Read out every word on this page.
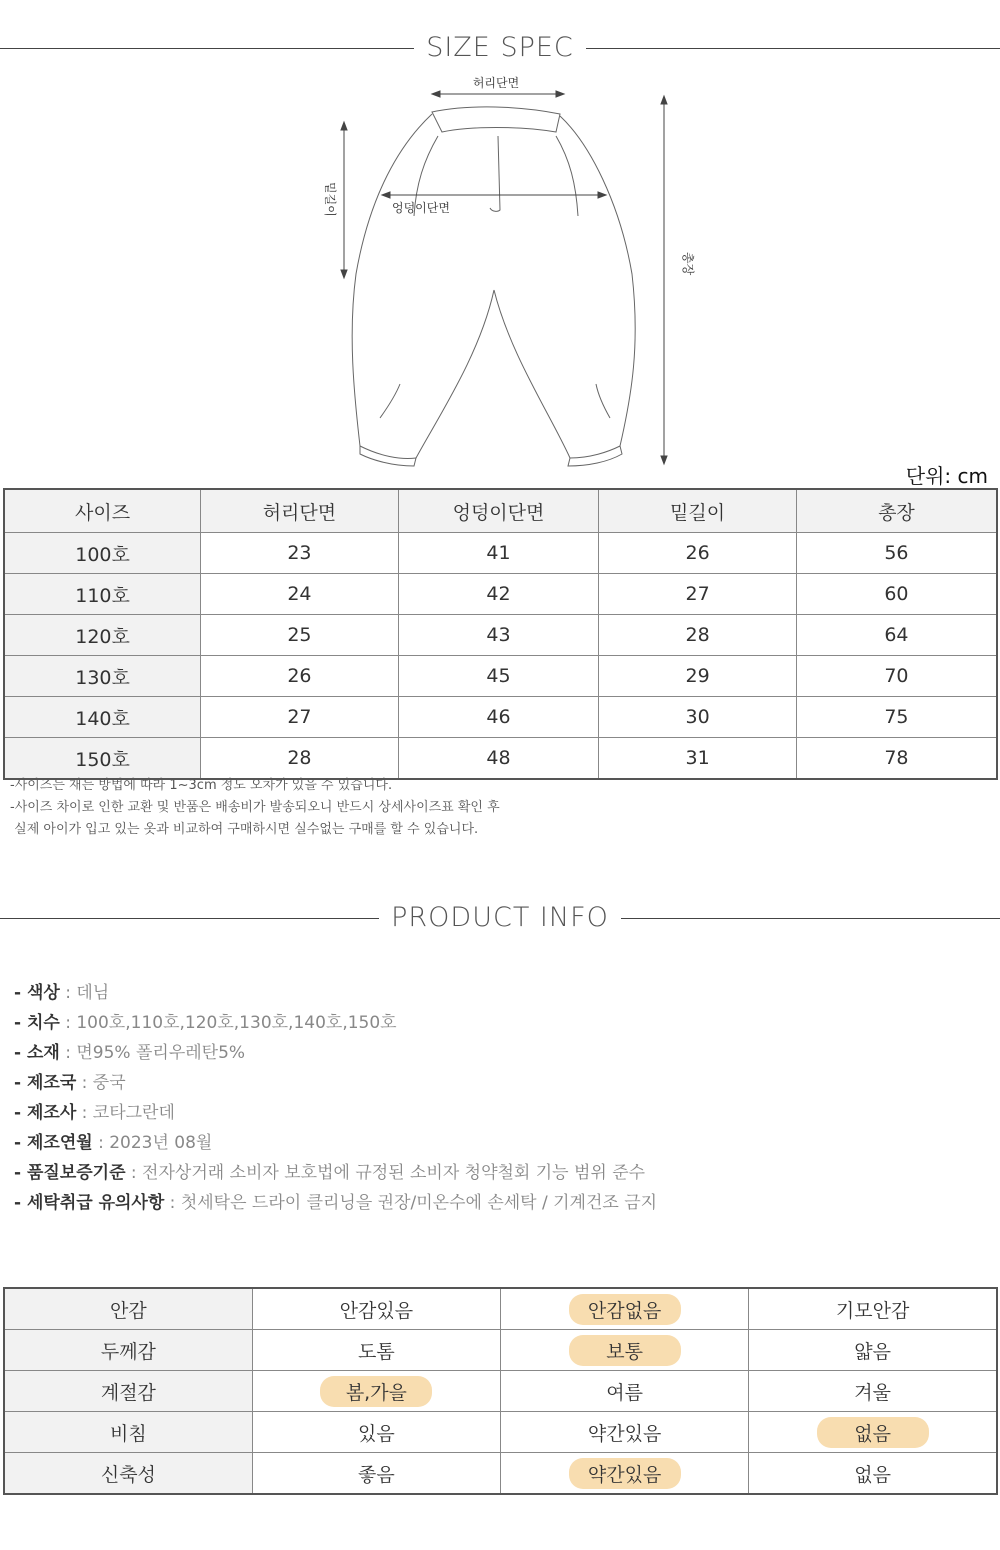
SIZE SPEC
허리단면
엉덩이단면
밑길이
총장
단위: cm
사이즈	허리단면	엉덩이단면	밑길이	총장
100호	23	41	26	56
110호	24	42	27	60
120호	25	43	28	64
130호	26	45	29	70
140호	27	46	30	75
150호	28	48	31	78
-사이즈는 재는 방법에 따라 1~3cm 정도 오차가 있을 수 있습니다.
-사이즈 차이로 인한 교환 및 반품은 배송비가 발송되오니 반드시 상세사이즈표 확인 후
실제 아이가 입고 있는 옷과 비교하여 구매하시면 실수없는 구매를 할 수 있습니다.
PRODUCT INFO
- 색상 : 데님
- 치수 : 100호,110호,120호,130호,140호,150호
- 소재 : 면95% 폴리우레탄5%
- 제조국 : 중국
- 제조사 : 코타그란데
- 제조연월 : 2023년 08월
- 품질보증기준 : 전자상거래 소비자 보호법에 규정된 소비자 청약철회 기능 범위 준수
- 세탁취급 유의사항 : 첫세탁은 드라이 클리닝을 권장/미온수에 손세탁 / 기계건조 금지
안감	안감있음	안감없음	기모안감
두께감	도톰	보통	얇음
계절감	봄,가을	여름	겨울
비침	있음	약간있음	없음
신축성	좋음	약간있음	없음
